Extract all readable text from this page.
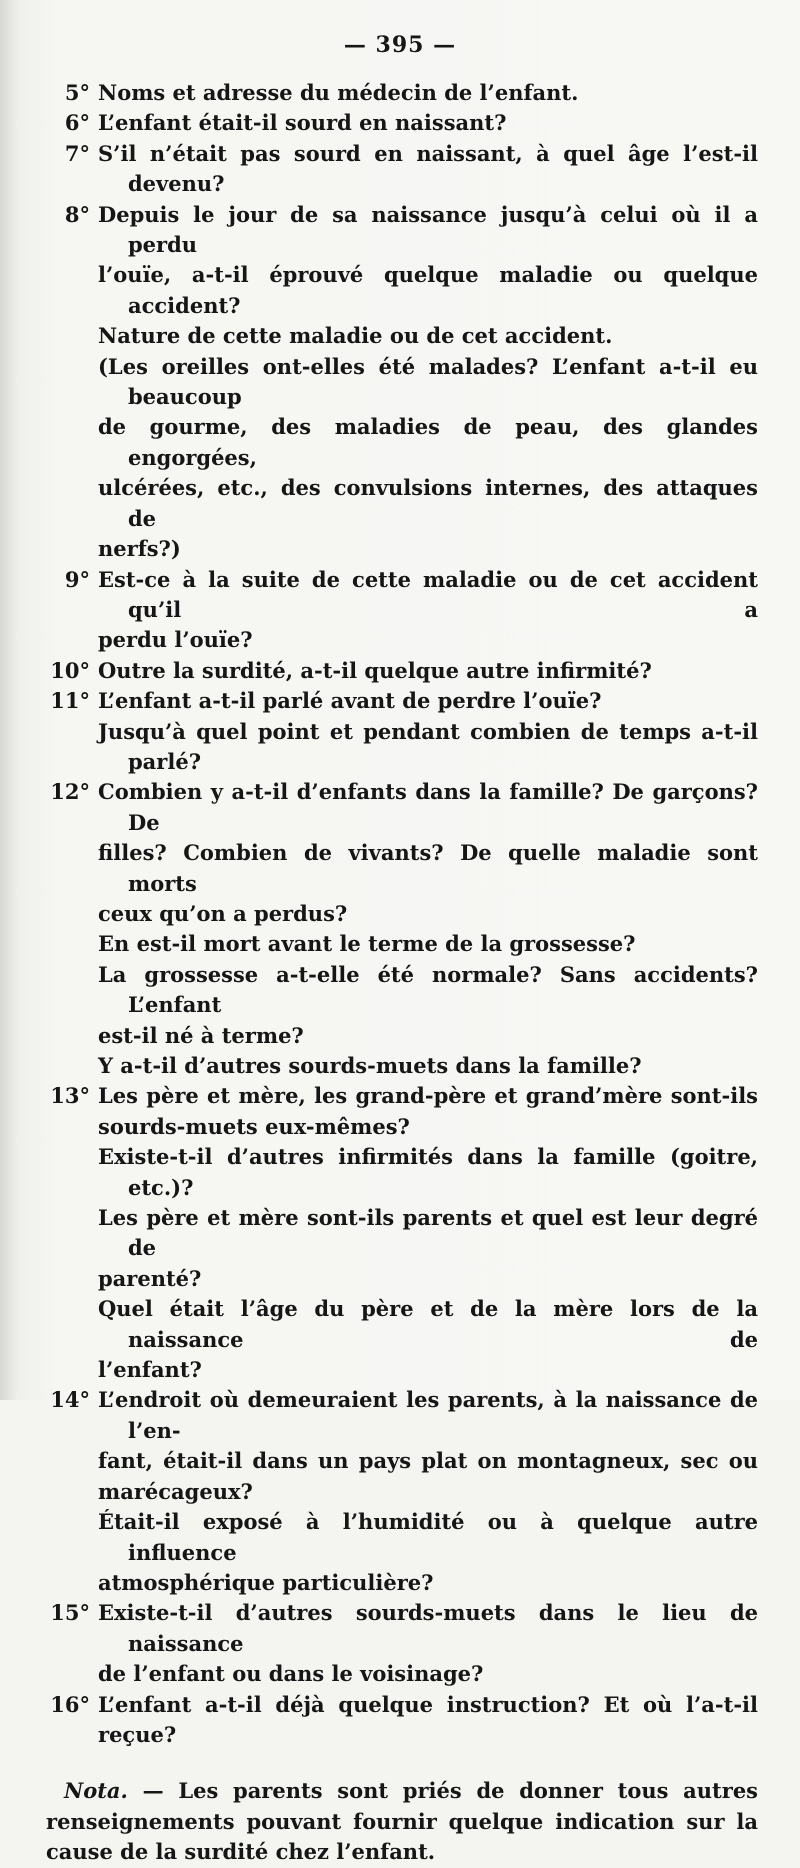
— 395 —
5° Noms et adresse du médecin de l’enfant.
6° L’enfant était-il sourd en naissant?
7° S’il n’était pas sourd en naissant, à quel âge l’est-il devenu?
8° Depuis le jour de sa naissance jusqu’à celui où il a perdu
l’ouïe, a-t-il éprouvé quelque maladie ou quelque accident?
Nature de cette maladie ou de cet accident.
(Les oreilles ont-elles été malades? L’enfant a-t-il eu beaucoup
de gourme, des maladies de peau, des glandes engorgées,
ulcérées, etc., des convulsions internes, des attaques de
nerfs?)
9° Est-ce à la suite de cette maladie ou de cet accident qu’il a
perdu l’ouïe?
10° Outre la surdité, a-t-il quelque autre infirmité?
11° L’enfant a-t-il parlé avant de perdre l’ouïe?
Jusqu’à quel point et pendant combien de temps a-t-il parlé?
12° Combien y a-t-il d’enfants dans la famille? De garçons? De
filles? Combien de vivants? De quelle maladie sont morts
ceux qu’on a perdus?
En est-il mort avant le terme de la grossesse?
La grossesse a-t-elle été normale? Sans accidents? L’enfant
est-il né à terme?
Y a-t-il d’autres sourds-muets dans la famille?
13° Les père et mère, les grand-père et grand’mère sont-ils
sourds-muets eux-mêmes?
Existe-t-il d’autres infirmités dans la famille (goitre, etc.)?
Les père et mère sont-ils parents et quel est leur degré de
parenté?
Quel était l’âge du père et de la mère lors de la naissance de
l’enfant?
14° L’endroit où demeuraient les parents, à la naissance de l’en-
fant, était-il dans un pays plat on montagneux, sec ou
marécageux?
Était-il exposé à l’humidité ou à quelque autre influence
atmosphérique particulière?
15° Existe-t-il d’autres sourds-muets dans le lieu de naissance
de l’enfant ou dans le voisinage?
16° L’enfant a-t-il déjà quelque instruction? Et où l’a-t-il
reçue?
Nota. — Les parents sont priés de donner tous autres renseignements pouvant fournir quelque indication sur la cause de la surdité chez l’enfant.
